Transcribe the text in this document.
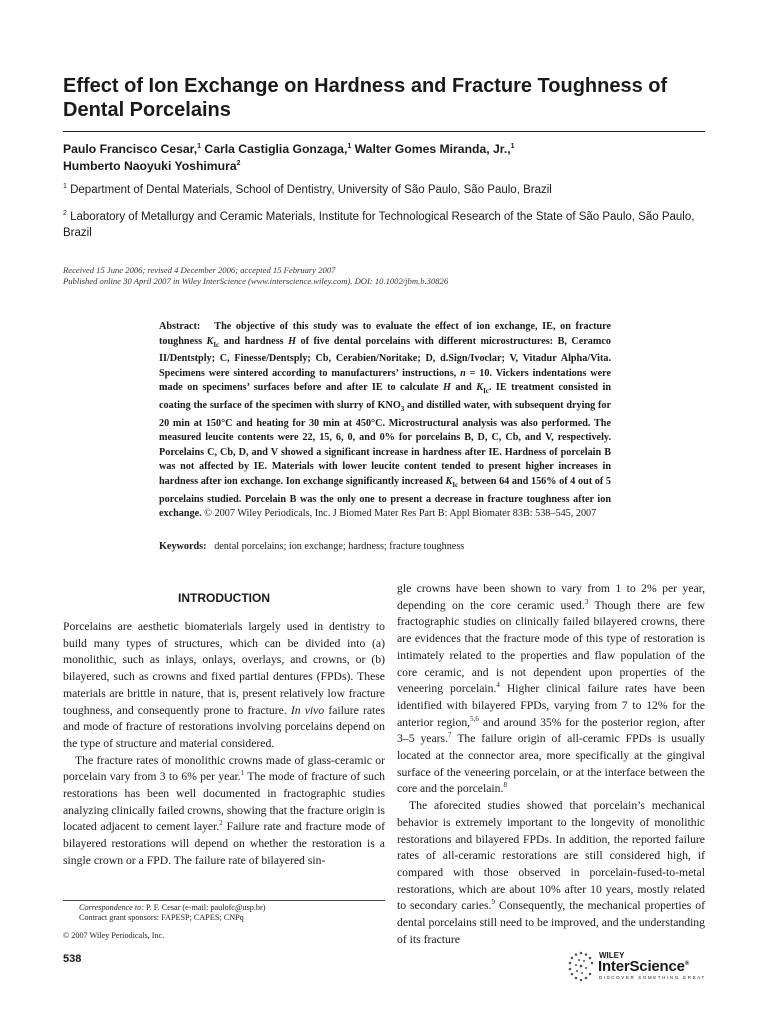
Effect of Ion Exchange on Hardness and Fracture Toughness of Dental Porcelains
Paulo Francisco Cesar,$^1$ Carla Castiglia Gonzaga,$^1$ Walter Gomes Miranda, Jr.,$^1$
Humberto Naoyuki Yoshimura$^2$
$^1$ Department of Dental Materials, School of Dentistry, University of São Paulo, São Paulo, Brazil
$^2$ Laboratory of Metallurgy and Ceramic Materials, Institute for Technological Research of the State of São Paulo, São Paulo, Brazil
Received 15 June 2006; revised 4 December 2006; accepted 15 February 2007
Published online 30 April 2007 in Wiley InterScience (www.interscience.wiley.com). DOI: 10.1002/jbm.b.30826
Abstract: The objective of this study was to evaluate the effect of ion exchange, IE, on fracture toughness $K_{Ic}$ and hardness H of five dental porcelains with different microstructures: B, Ceramco II/Dentstply; C, Finesse/Dentsply; Cb, Cerabien/Noritake; D, d.Sign/Ivoclar; V, Vitadur Alpha/Vita. Specimens were sintered according to manufacturers’ instructions, n = 10. Vickers indentations were made on specimens’ surfaces before and after IE to calculate H and $K_{Ic}$. IE treatment consisted in coating the surface of the specimen with slurry of $KNO_3$ and distilled water, with subsequent drying for 20 min at 150°C and heating for 30 min at 450°C. Microstructural analysis was also performed. The measured leucite contents were 22, 15, 6, 0, and 0% for porcelains B, D, C, Cb, and V, respectively. Porcelains C, Cb, D, and V showed a significant increase in hardness after IE. Hardness of porcelain B was not affected by IE. Materials with lower leucite content tended to present higher increases in hardness after ion exchange. Ion exchange significantly increased $K_{Ic}$ between 64 and 156% of 4 out of 5 porcelains studied. Porcelain B was the only one to present a decrease in fracture toughness after ion exchange. © 2007 Wiley Periodicals, Inc. J Biomed Mater Res Part B: Appl Biomater 83B: 538–545, 2007
Keywords: dental porcelains; ion exchange; hardness; fracture toughness
INTRODUCTION

Porcelains are aesthetic biomaterials largely used in dentistry to build many types of structures, which can be divided into (a) monolithic, such as inlays, onlays, overlays, and crowns, or (b) bilayered, such as crowns and fixed partial dentures (FPDs). These materials are brittle in nature, that is, present relatively low fracture toughness, and consequently prone to fracture. In vivo failure rates and mode of fracture of restorations involving porcelains depend on the type of structure and material considered.

The fracture rates of monolithic crowns made of glass-ceramic or porcelain vary from 3 to 6% per year.$^1$ The mode of fracture of such restorations has been well documented in fractographic studies analyzing clinically failed crowns, showing that the fracture origin is located adjacent to cement layer.$^2$ Failure rate and fracture mode of bilayered restorations will depend on whether the restoration is a single crown or a FPD. The failure rate of bilayered sin-

gle crowns have been shown to vary from 1 to 2% per year, depending on the core ceramic used.$^3$ Though there are few fractographic studies on clinically failed bilayered crowns, there are evidences that the fracture mode of this type of restoration is intimately related to the properties and flaw population of the core ceramic, and is not dependent upon properties of the veneering porcelain.$^4$ Higher clinical failure rates have been identified with bilayered FPDs, varying from 7 to 12% for the anterior region,$^{5,6}$ and around 35% for the posterior region, after 3–5 years.$^7$ The failure origin of all-ceramic FPDs is usually located at the connector area, more specifically at the gingival surface of the veneering porcelain, or at the interface between the core and the porcelain.$^8$

The aforecited studies showed that porcelain’s mechanical behavior is extremely important to the longevity of monolithic restorations and bilayered FPDs. In addition, the reported failure rates of all-ceramic restorations are still considered high, if compared with those observed in porcelain-fused-to-metal restorations, which are about 10% after 10 years, mostly related to secondary caries.$^9$ Consequently, the mechanical properties of dental porcelains still need to be improved, and the understanding of its fracture

Correspondence to: P. F. Cesar (e-mail: paulofc@usp.br)
Contract grant sponsors: FAPESP; CAPES; CNPq
© 2007 Wiley Periodicals, Inc.
538	WILEY
InterScience®
DISCOVER SOMETHING GREAT
